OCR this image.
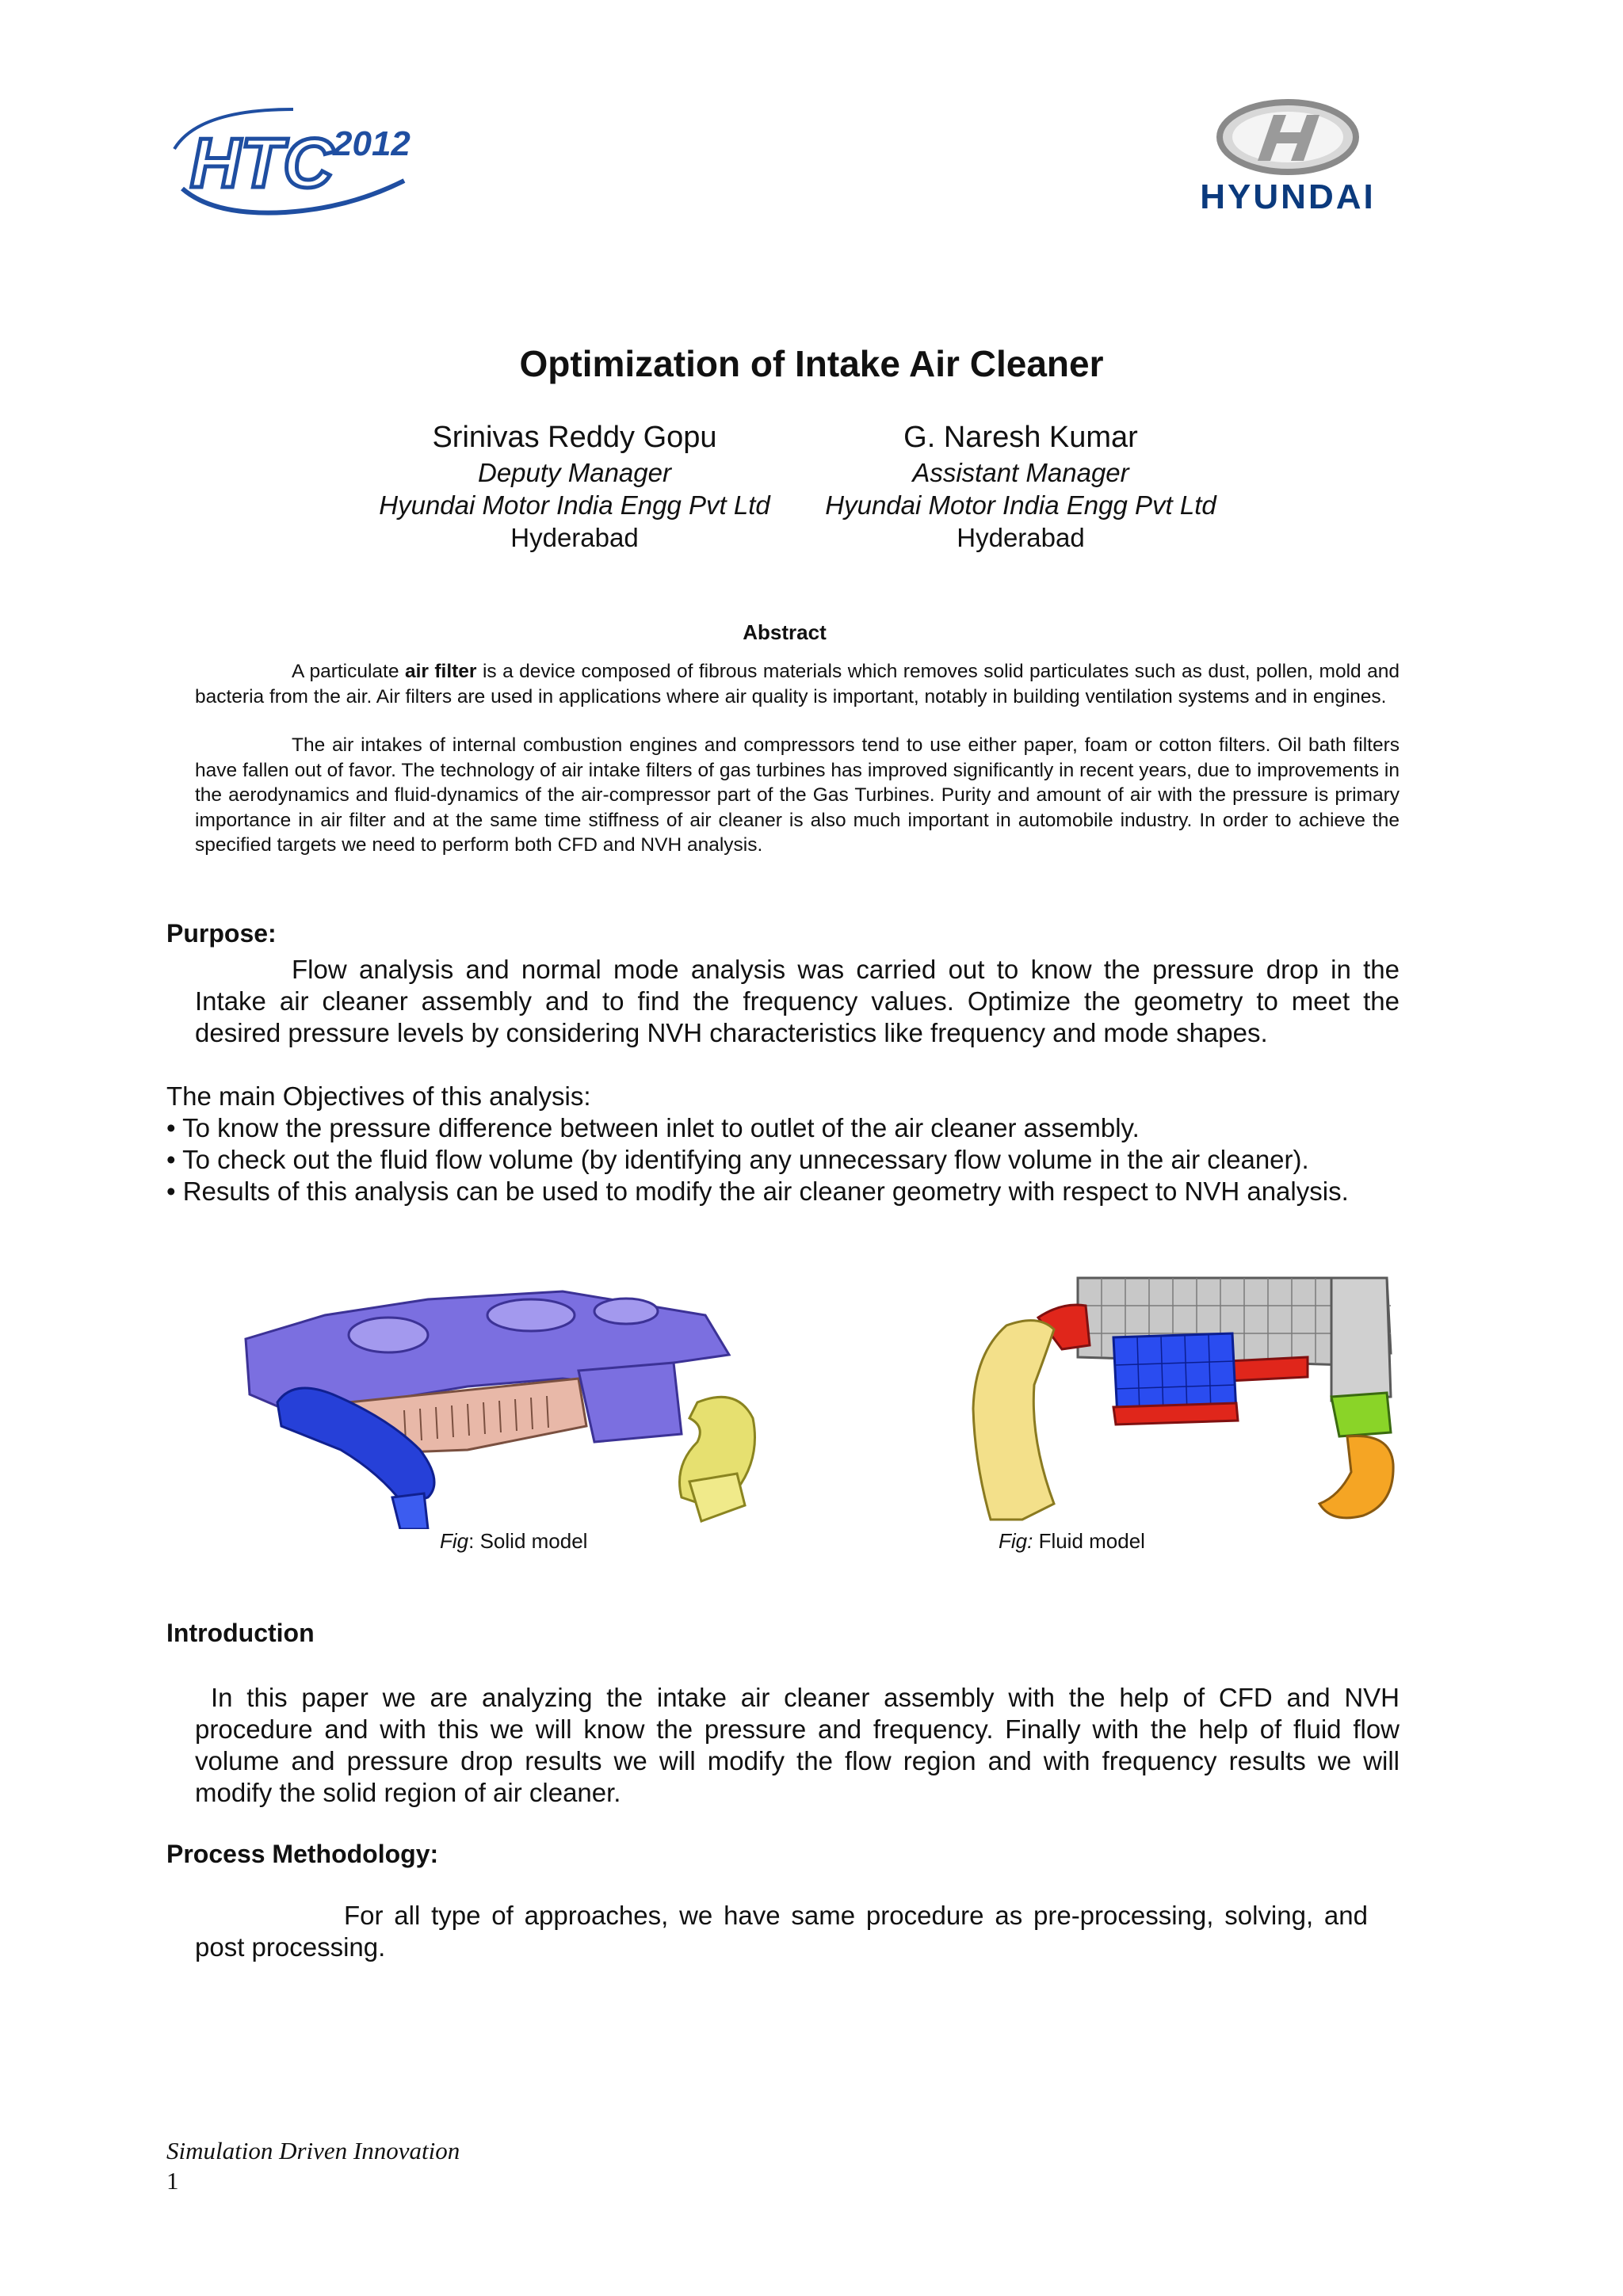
HTC 2012
HYUNDAI
Optimization of Intake Air Cleaner
Srinivas Reddy Gopu
Deputy Manager
Hyundai Motor India Engg Pvt Ltd
Hyderabad
G. Naresh Kumar
Assistant Manager
Hyundai Motor India Engg Pvt Ltd
Hyderabad
Abstract
A particulate air filter is a device composed of fibrous materials which removes solid particulates such as dust, pollen, mold and bacteria from the air. Air filters are used in applications where air quality is important, notably in building ventilation systems and in engines.
The air intakes of internal combustion engines and compressors tend to use either paper, foam or cotton filters. Oil bath filters have fallen out of favor. The technology of air intake filters of gas turbines has improved significantly in recent years, due to improvements in the aerodynamics and fluid-dynamics of the air-compressor part of the Gas Turbines. Purity and amount of air with the pressure is primary importance in air filter and at the same time stiffness of air cleaner is also much important in automobile industry. In order to achieve the specified targets we need to perform both CFD and NVH analysis.
Purpose:
Flow analysis and normal mode analysis was carried out to know the pressure drop in the Intake air cleaner assembly and to find the frequency values. Optimize the geometry to meet the desired pressure levels by considering NVH characteristics like frequency and mode shapes.
The main Objectives of this analysis:
• To know the pressure difference between inlet to outlet of the air cleaner assembly.
• To check out the fluid flow volume (by identifying any unnecessary flow volume in the air cleaner).
• Results of this analysis can be used to modify the air cleaner geometry with respect to NVH analysis.
Fig: Solid model	Fig: Fluid model
Introduction
In this paper we are analyzing the intake air cleaner assembly with the help of CFD and NVH procedure and with this we will know the pressure and frequency. Finally with the help of fluid flow volume and pressure drop results we will modify the flow region and with frequency results we will modify the solid region of air cleaner.
Process Methodology:
For all type of approaches, we have same procedure as pre-processing, solving, and post processing.
Simulation Driven Innovation
1
